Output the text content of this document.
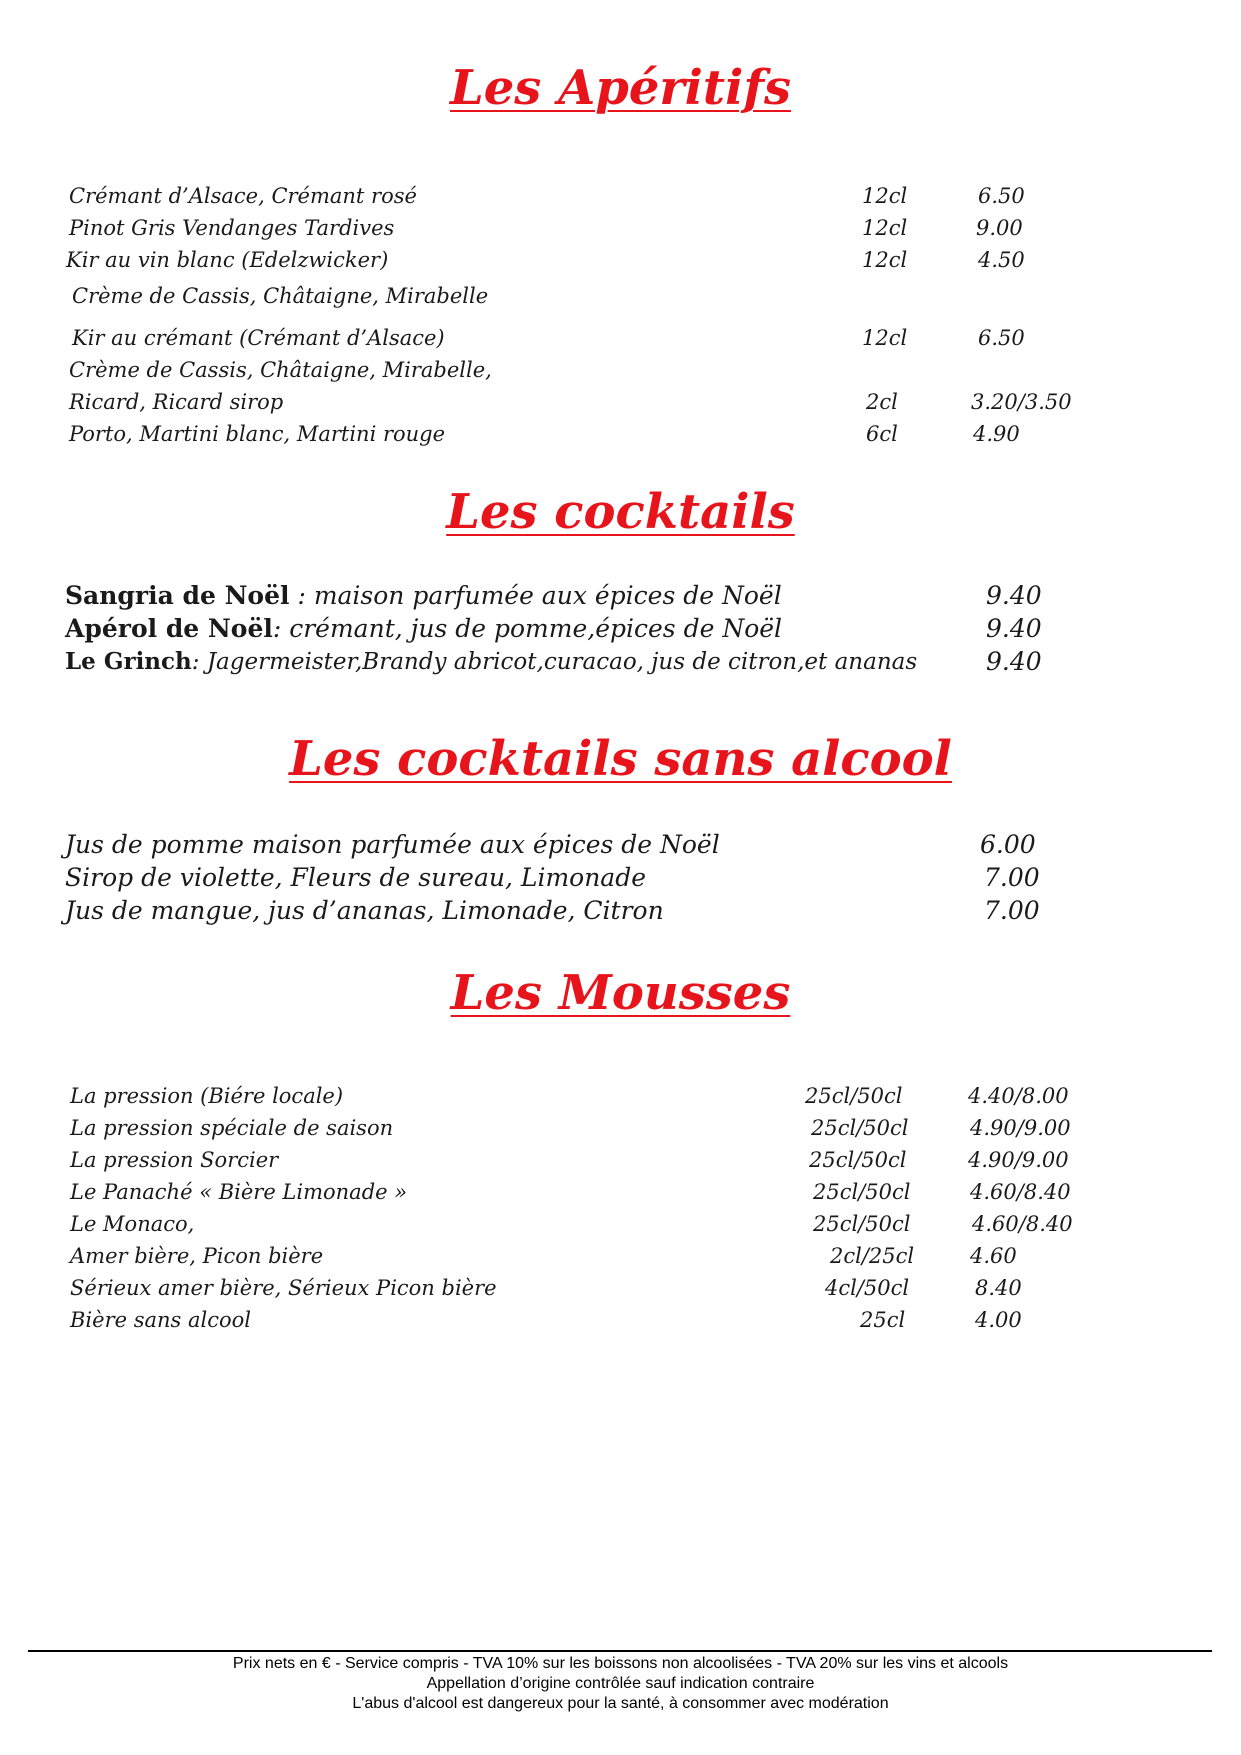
Les Apéritifs
Crémant d’Alsace, Crémant rosé	12cl	6.50
Pinot Gris Vendanges Tardives	12cl	9.00
Kir au vin blanc (Edelzwicker)	12cl	4.50
Crème de Cassis, Châtaigne, Mirabelle
Kir au crémant (Crémant d’Alsace)	12cl	6.50
Crème de Cassis, Châtaigne, Mirabelle,
Ricard, Ricard sirop	2cl	3.20/3.50
Porto, Martini blanc, Martini rouge	6cl	4.90
Les cocktails
Sangria de Noël : maison parfumée aux épices de Noël	9.40
Apérol de Noël: crémant, jus de pomme,épices de Noël	9.40
Le Grinch: Jagermeister,Brandy abricot,curacao, jus de citron,et ananas	9.40
Les cocktails sans alcool
Jus de pomme maison parfumée aux épices de Noël	6.00
Sirop de violette, Fleurs de sureau, Limonade	7.00
Jus de mangue, jus d’ananas, Limonade, Citron	7.00
Les Mousses
La pression (Biére locale)	25cl/50cl	4.40/8.00
La pression spéciale de saison	25cl/50cl	4.90/9.00
La pression Sorcier	25cl/50cl	4.90/9.00
Le Panaché « Bière Limonade »	25cl/50cl	4.60/8.40
Le Monaco,	25cl/50cl	4.60/8.40
Amer bière, Picon bière	2cl/25cl	4.60
Sérieux amer bière, Sérieux Picon bière	4cl/50cl	8.40
Bière sans alcool	25cl	4.00
Prix nets en € - Service compris - TVA 10% sur les boissons non alcoolisées - TVA 20% sur les vins et alcools
Appellation d’origine contrôlée sauf indication contraire
L'abus d'alcool est dangereux pour la santé, à consommer avec modération
